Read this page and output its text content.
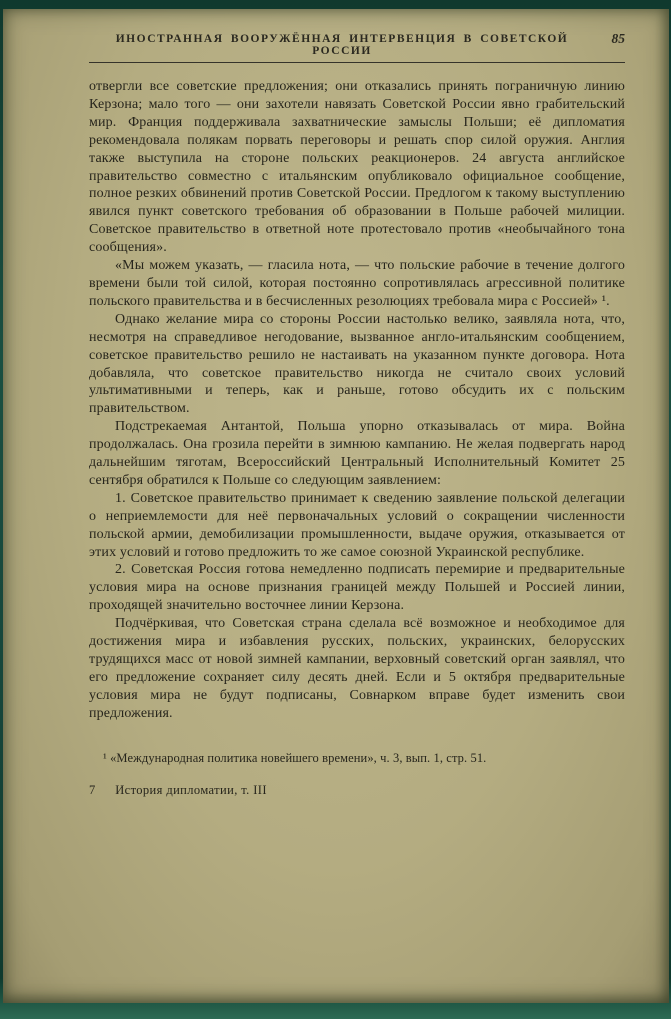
ИНОСТРАННАЯ ВООРУЖЁННАЯ ИНТЕРВЕНЦИЯ В СОВЕТСКОЙ РОССИИ
85

отвергли все советские предложения; они отказались принять пограничную линию Керзона; мало того — они захотели навязать Советской России явно грабительский мир. Франция поддерживала захватнические замыслы Польши; её дипломатия рекомендовала полякам порвать переговоры и решать спор силой оружия. Англия также выступила на стороне польских реакционеров. 24 августа английское правительство совместно с итальянским опубликовало официальное сообщение, полное резких обвинений против Советской России. Предлогом к такому выступлению явился пункт советского требования об образовании в Польше рабочей милиции. Советское правительство в ответной ноте протестовало против «необычайного тона сообщения».

«Мы можем указать, — гласила нота, — что польские рабочие в течение долгого времени были той силой, которая постоянно сопротивлялась агрессивной политике польского правительства и в бесчисленных резолюциях требовала мира с Россией» ¹.

Однако желание мира со стороны России настолько велико, заявляла нота, что, несмотря на справедливое негодование, вызванное англо-итальянским сообщением, советское правительство решило не настаивать на указанном пункте договора. Нота добавляла, что советское правительство никогда не считало своих условий ультимативными и теперь, как и раньше, готово обсудить их с польским правительством.

Подстрекаемая Антантой, Польша упорно отказывалась от мира. Война продолжалась. Она грозила перейти в зимнюю кампанию. Не желая подвергать народ дальнейшим тяготам, Всероссийский Центральный Исполнительный Комитет 25 сентября обратился к Польше со следующим заявлением:

1. Советское правительство принимает к сведению заявление польской делегации о неприемлемости для неё первоначальных условий о сокращении численности польской армии, демобилизации промышленности, выдаче оружия, отказывается от этих условий и готово предложить то же самое союзной Украинской республике.

2. Советская Россия готова немедленно подписать перемирие и предварительные условия мира на основе признания границей между Польшей и Россией линии, проходящей значительно восточнее линии Керзона.

Подчёркивая, что Советская страна сделала всё возможное и необходимое для достижения мира и избавления русских, польских, украинских, белорусских трудящихся масс от новой зимней кампании, верховный советский орган заявлял, что его предложение сохраняет силу десять дней. Если и 5 октября предварительные условия мира не будут подписаны, Совнарком вправе будет изменить свои предложения.

¹ «Международная политика новейшего времени», ч. 3, вып. 1, стр. 51.
7 История дипломатии, т. III
